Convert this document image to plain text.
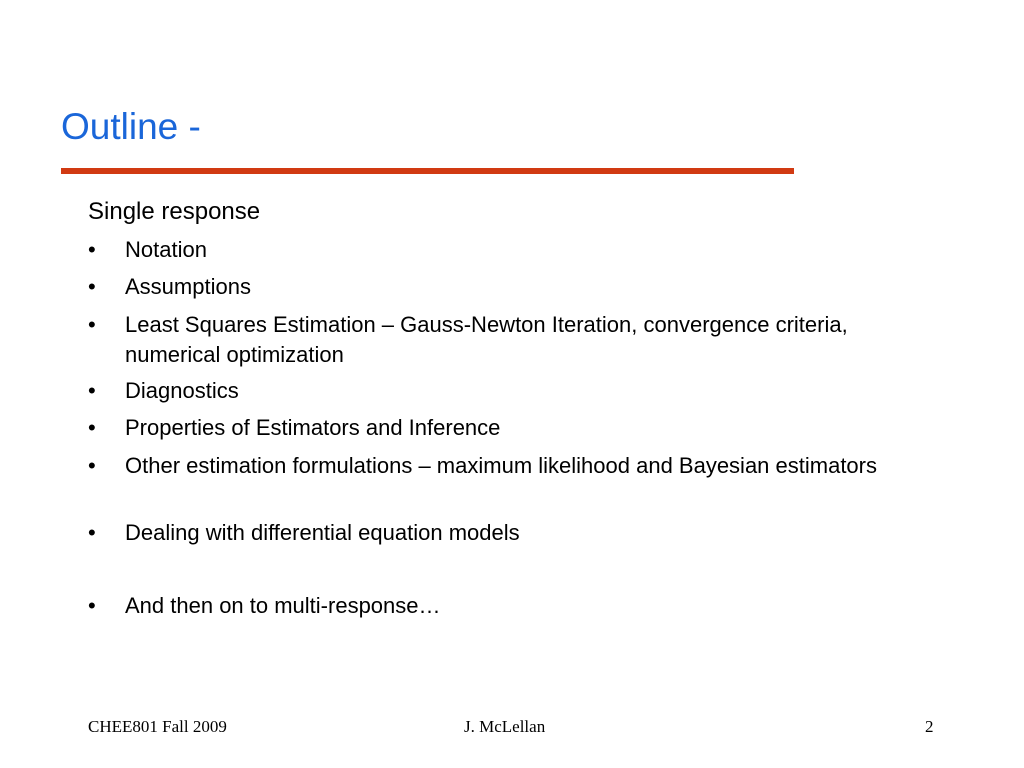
Outline -
Single response
•	Notation
•	Assumptions
•	Least Squares Estimation – Gauss-Newton Iteration, convergence criteria, numerical optimization
•	Diagnostics
•	Properties of Estimators and Inference
•	Other estimation formulations – maximum likelihood and Bayesian estimators
•	Dealing with differential equation models
•	And then on to multi-response…
CHEE801 Fall 2009	J. McLellan	2
